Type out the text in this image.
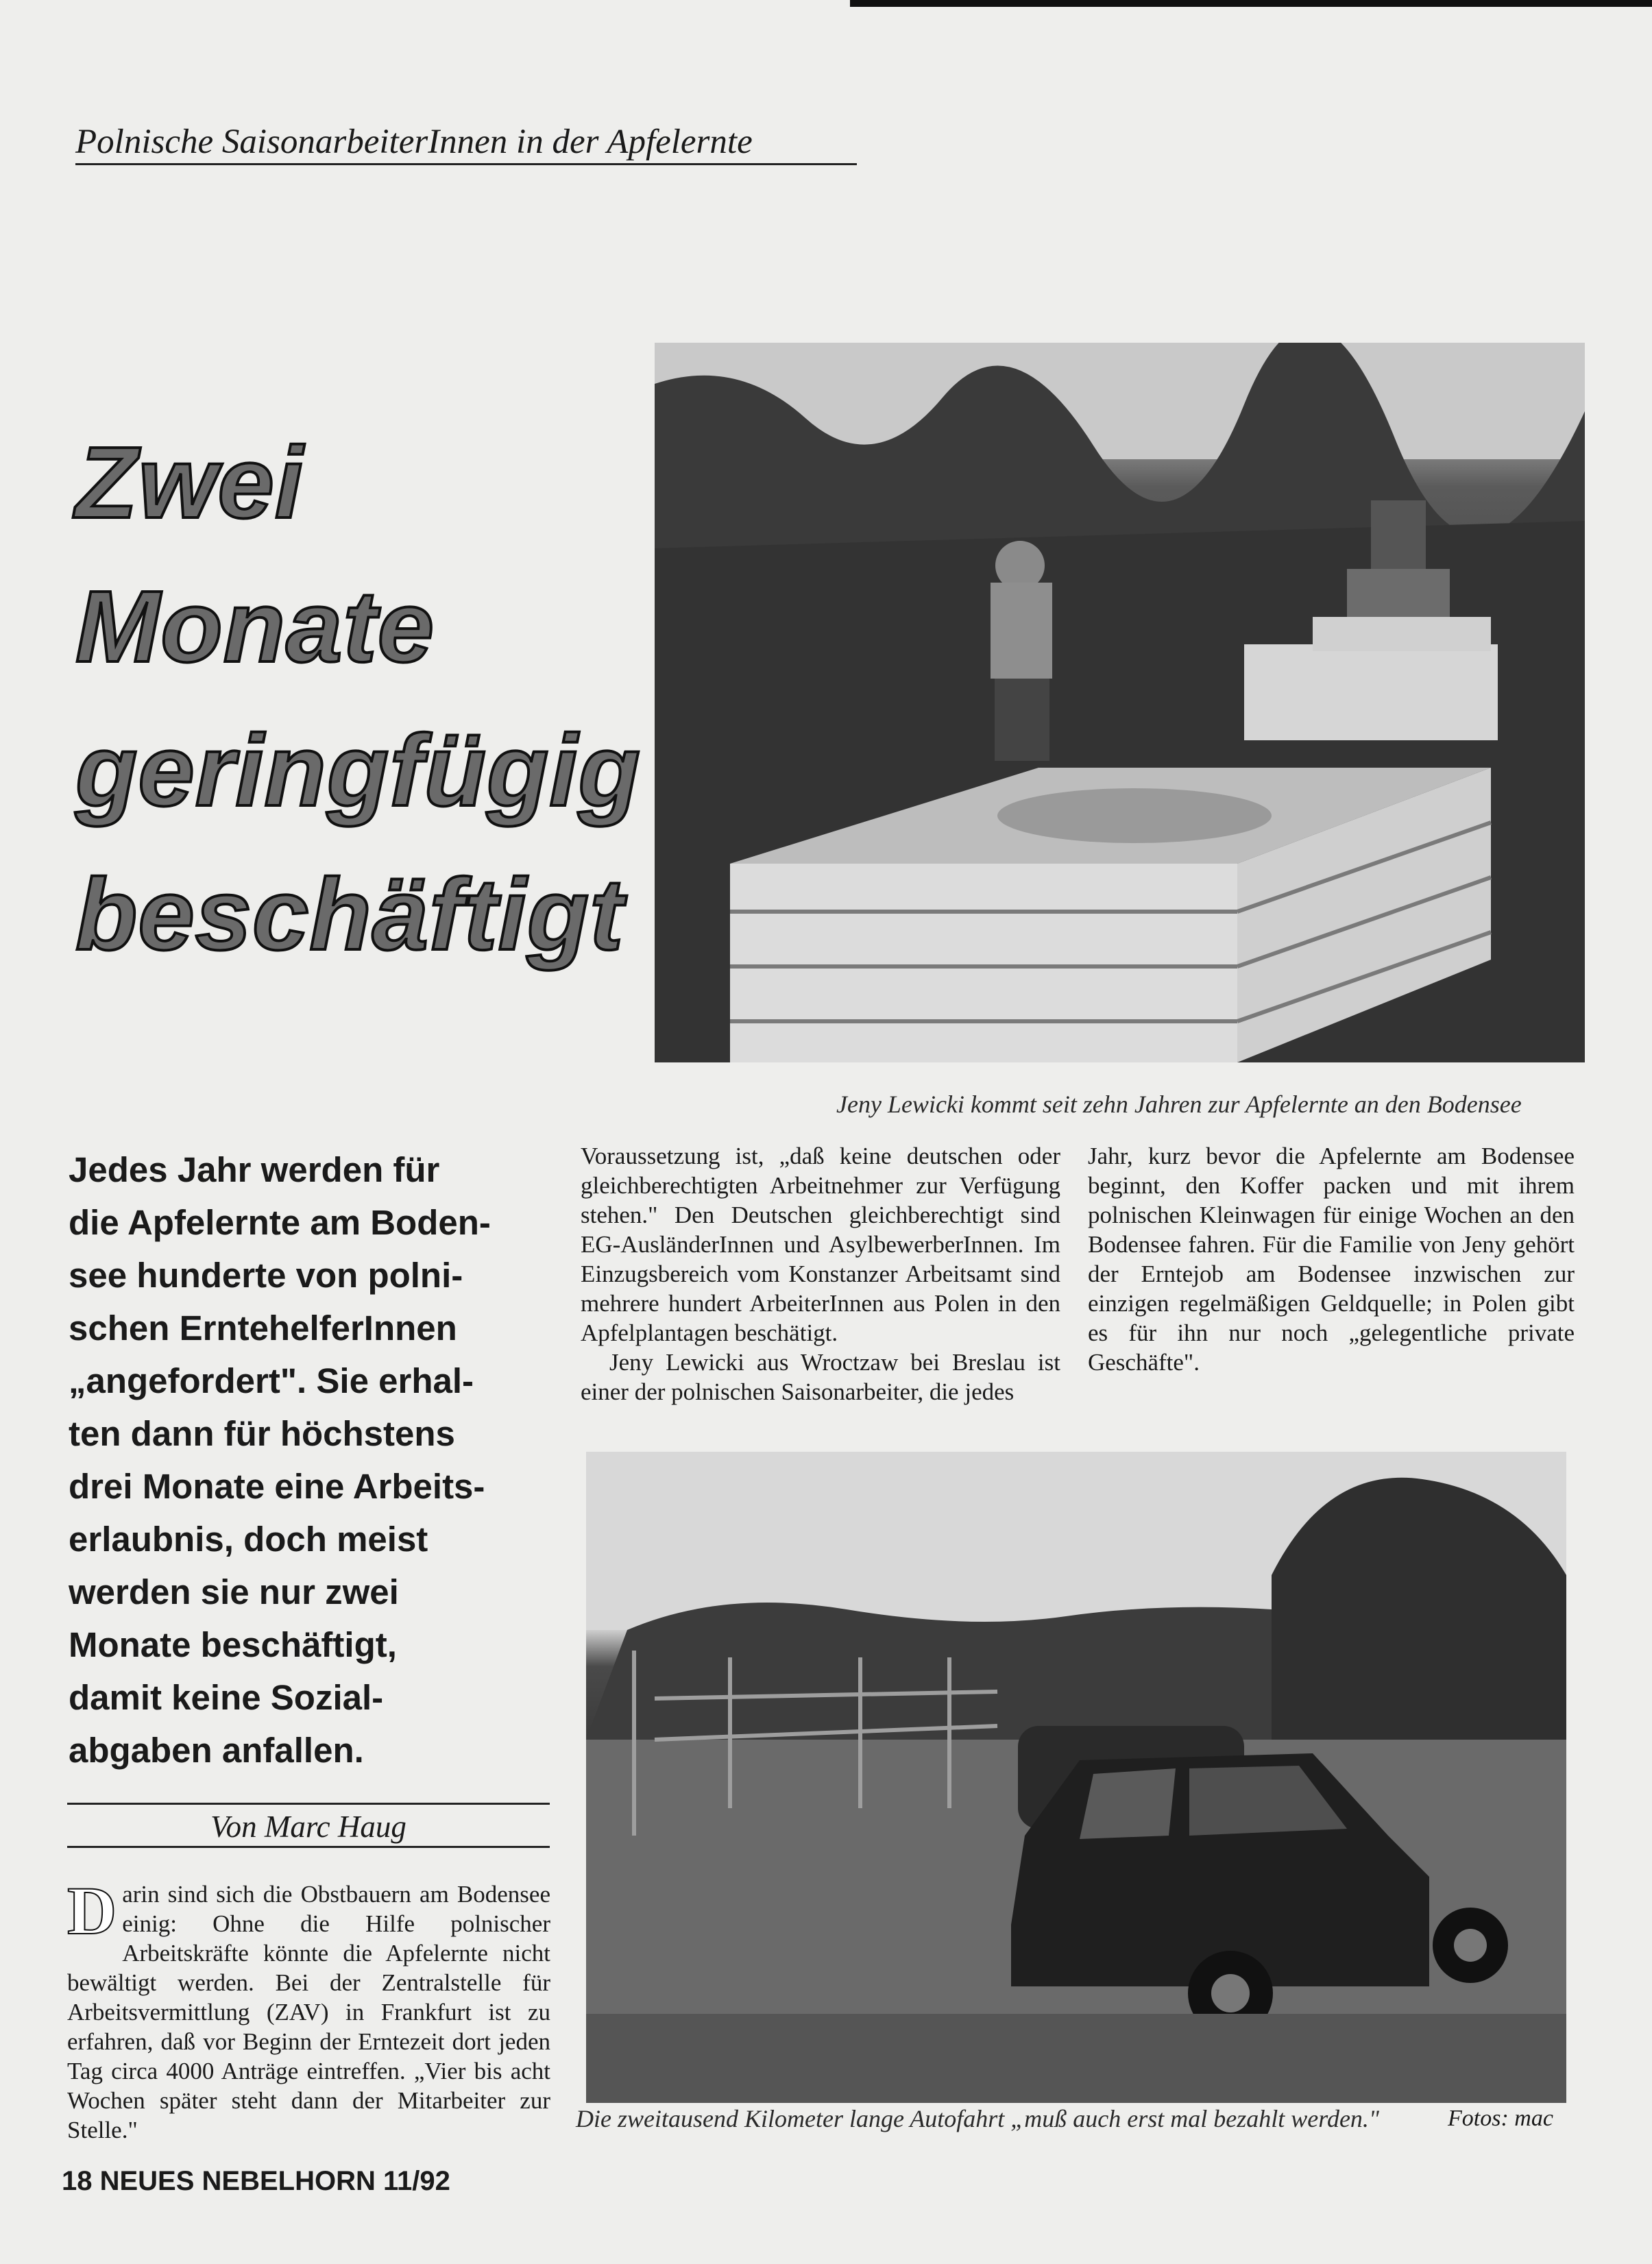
Polnische SaisonarbeiterInnen in der Apfelernte
Zwei
Monate
geringfügig
beschäftigt
Jeny Lewicki kommt seit zehn Jahren zur Apfelernte an den Bodensee
Jedes Jahr werden für
die Apfelernte am Boden-
see hunderte von polni-
schen ErntehelferInnen
„angefordert". Sie erhal-
ten dann für höchstens
drei Monate eine Arbeits-
erlaubnis, doch meist
werden sie nur zwei
Monate beschäftigt,
damit keine Sozial-
abgaben anfallen.
Von Marc Haug

Darin sind sich die Obstbauern am Bodensee einig: Ohne die Hilfe polnischer Arbeitskräfte könnte die Apfelernte nicht bewältigt werden. Bei der Zentralstelle für Arbeitsvermittlung (ZAV) in Frankfurt ist zu erfahren, daß vor Beginn der Erntezeit dort jeden Tag circa 4000 Anträge eintreffen. „Vier bis acht Wochen später steht dann der Mitarbeiter zur Stelle."

Voraussetzung ist, „daß keine deutschen oder gleichberechtigten Arbeitnehmer zur Verfügung stehen." Den Deutschen gleichberechtigt sind EG-AusländerInnen und AsylbewerberInnen. Im Einzugsbereich vom Konstanzer Arbeitsamt sind mehrere hundert ArbeiterInnen aus Polen in den Apfelplantagen beschätigt.

Jeny Lewicki aus Wroctzaw bei Breslau ist einer der polnischen Saisonarbeiter, die jedes

Jahr, kurz bevor die Apfelernte am Bodensee beginnt, den Koffer packen und mit ihrem polnischen Kleinwagen für einige Wochen an den Bodensee fahren. Für die Familie von Jeny gehört der Erntejob am Bodensee inzwischen zur einzigen regelmäßigen Geldquelle; in Polen gibt es für ihn nur noch „gelegentliche private Geschäfte".

Die zweitausend Kilometer lange Autofahrt „muß auch erst mal bezahlt werden."	Fotos: mac
18 NEUES NEBELHORN 11/92
